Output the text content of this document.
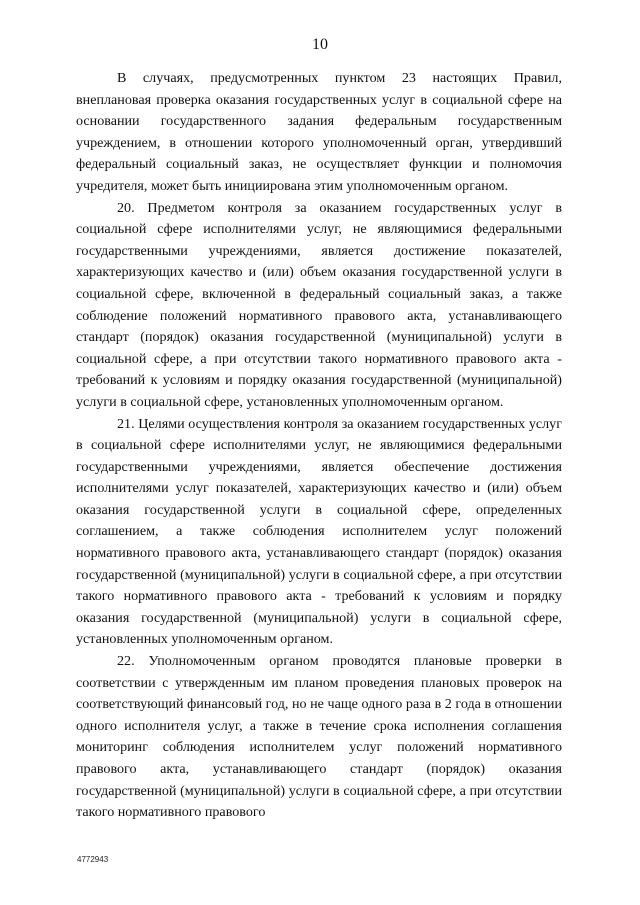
10

В случаях, предусмотренных пунктом 23 настоящих Правил, внеплановая проверка оказания государственных услуг в социальной сфере на основании государственного задания федеральным государственным учреждением, в отношении которого уполномоченный орган, утвердивший федеральный социальный заказ, не осуществляет функции и полномочия учредителя, может быть инициирована этим уполномоченным органом.

20. Предметом контроля за оказанием государственных услуг в социальной сфере исполнителями услуг, не являющимися федеральными государственными учреждениями, является достижение показателей, характеризующих качество и (или) объем оказания государственной услуги в социальной сфере, включенной в федеральный социальный заказ, а также соблюдение положений нормативного правового акта, устанавливающего стандарт (порядок) оказания государственной (муниципальной) услуги в социальной сфере, а при отсутствии такого нормативного правового акта - требований к условиям и порядку оказания государственной (муниципальной) услуги в социальной сфере, установленных уполномоченным органом.

21. Целями осуществления контроля за оказанием государственных услуг в социальной сфере исполнителями услуг, не являющимися федеральными государственными учреждениями, является обеспечение достижения исполнителями услуг показателей, характеризующих качество и (или) объем оказания государственной услуги в социальной сфере, определенных соглашением, а также соблюдения исполнителем услуг положений нормативного правового акта, устанавливающего стандарт (порядок) оказания государственной (муниципальной) услуги в социальной сфере, а при отсутствии такого нормативного правового акта - требований к условиям и порядку оказания государственной (муниципальной) услуги в социальной сфере, установленных уполномоченным органом.

22. Уполномоченным органом проводятся плановые проверки в соответствии с утвержденным им планом проведения плановых проверок на соответствующий финансовый год, но не чаще одного раза в 2 года в отношении одного исполнителя услуг, а также в течение срока исполнения соглашения мониторинг соблюдения исполнителем услуг положений нормативного правового акта, устанавливающего стандарт (порядок) оказания государственной (муниципальной) услуги в социальной сфере, а при отсутствии такого нормативного правового

4772943
